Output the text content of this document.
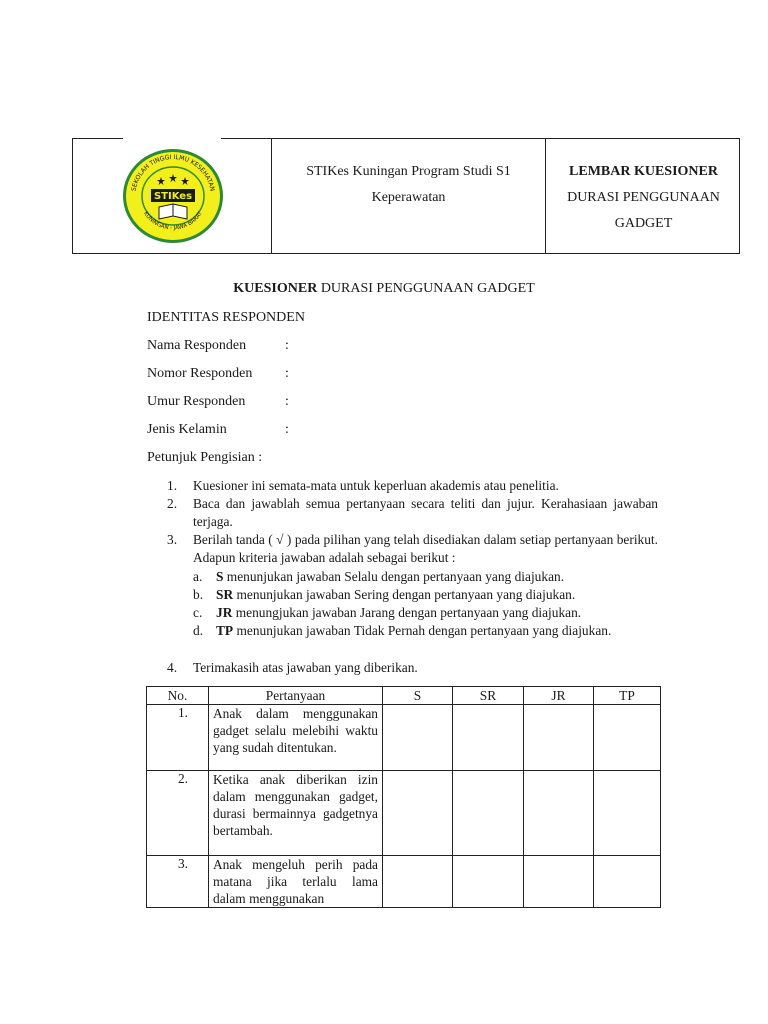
SEKOLAH TINGGI ILMU KESEHATAN
KUNINGAN - JAWA BARAT
STIKes
STIKes Kuningan Program Studi S1
Keperawatan
LEMBAR KUESIONER
DURASI PENGGUNAAN
GADGET
KUESIONER DURASI PENGGUNAAN GADGET
IDENTITAS RESPONDEN
Nama Responden	:
Nomor Responden :
Umur Responden	:
Jenis Kelamin	:
Petunjuk Pengisian :
1. Kuesioner ini semata-mata untuk keperluan akademis atau penelitia.
2. Baca dan jawablah semua pertanyaan secara teliti dan jujur. Kerahasiaan jawaban terjaga.
3. Berilah tanda ( √ ) pada pilihan yang telah disediakan dalam setiap pertanyaan berikut. Adapun kriteria jawaban adalah sebagai berikut :
a. S menunjukan jawaban Selalu dengan pertanyaan yang diajukan.
b. SR menunjukan jawaban Sering dengan pertanyaan yang diajukan.
c. JR menungjukan jawaban Jarang dengan pertanyaan yang diajukan.
d. TP menunjukan jawaban Tidak Pernah dengan pertanyaan yang diajukan.
4. Terimakasih atas jawaban yang diberikan.
No.	Pertanyaan	S	SR	JR	TP
1.	Anak dalam menggunakan gadget selalu melebihi waktu yang sudah ditentukan.				
2.	Ketika anak diberikan izin dalam menggunakan gadget, durasi bermainnya gadgetnya bertambah.				
3.	Anak mengeluh perih pada matana jika terlalu lama dalam menggunakan				
